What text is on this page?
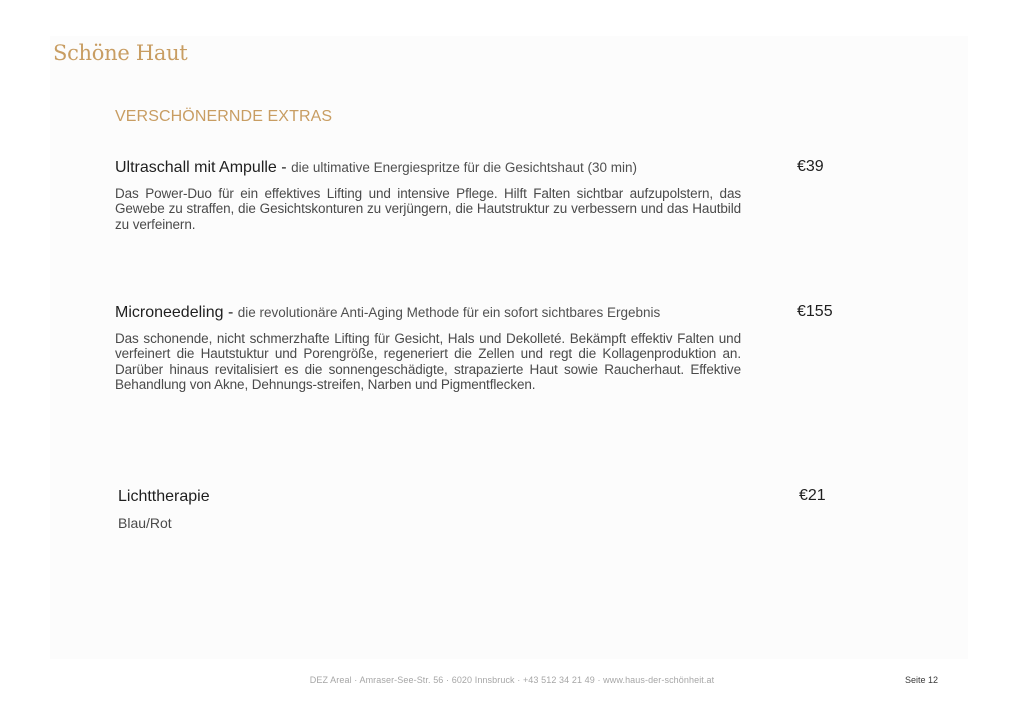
Schöne Haut
VERSCHÖNERNDE EXTRAS
Ultraschall mit Ampulle - die ultimative Energiespritze für die Gesichtshaut (30 min)
Das Power-Duo für ein effektives Lifting und intensive Pflege. Hilft Falten sichtbar aufzupolstern, das Gewebe zu straffen, die Gesichtskonturen zu verjüngern, die Hautstruktur zu verbessern und das Hautbild zu verfeinern.
€39
Microneedeling - die revolutionäre Anti-Aging Methode für ein sofort sichtbares Ergebnis
Das schonende, nicht schmerzhafte Lifting für Gesicht, Hals und Dekolleté. Bekämpft effektiv Falten und verfeinert die Hautstuktur und Porengröße, regeneriert die Zellen und regt die Kollagenproduktion an. Darüber hinaus revitalisiert es die sonnengeschädigte, strapazierte Haut sowie Raucherhaut. Effektive Behandlung von Akne, Dehnungs-streifen, Narben und Pigmentflecken.
€155
Lichttherapie
Blau/Rot
€21
DEZ Areal · Amraser-See-Str. 56 · 6020 Innsbruck · +43 512 34 21 49 · www.haus-der-schönheit.at	Seite 12
